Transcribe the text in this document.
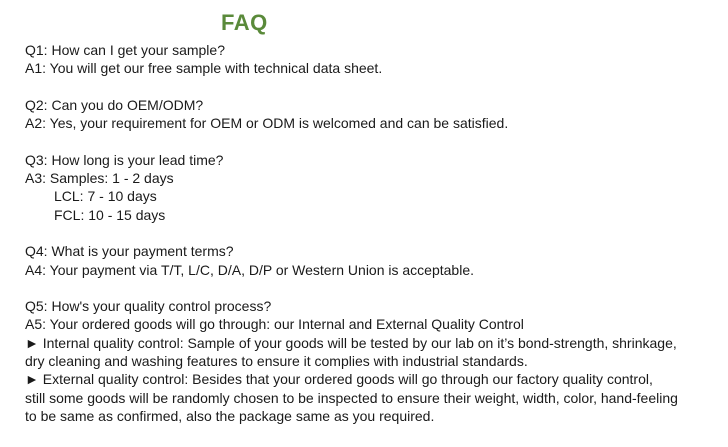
FAQ
Q1: How can I get your sample?
A1: You will get our free sample with technical data sheet.
Q2: Can you do OEM/ODM?
A2: Yes, your requirement for OEM or ODM is welcomed and can be satisfied.
Q3: How long is your lead time?
A3: Samples: 1 - 2 days
LCL: 7 - 10 days
FCL: 10 - 15 days
Q4: What is your payment terms?
A4: Your payment via T/T, L/C, D/A, D/P or Western Union is acceptable.
Q5: How's your quality control process?
A5: Your ordered goods will go through: our Internal and External Quality Control
► Internal quality control: Sample of your goods will be tested by our lab on it’s bond-strength, shrinkage,
dry cleaning and washing features to ensure it complies with industrial standards.
► External quality control: Besides that your ordered goods will go through our factory quality control,
still some goods will be randomly chosen to be inspected to ensure their weight, width, color, hand-feeling
to be same as confirmed, also the package same as you required.
